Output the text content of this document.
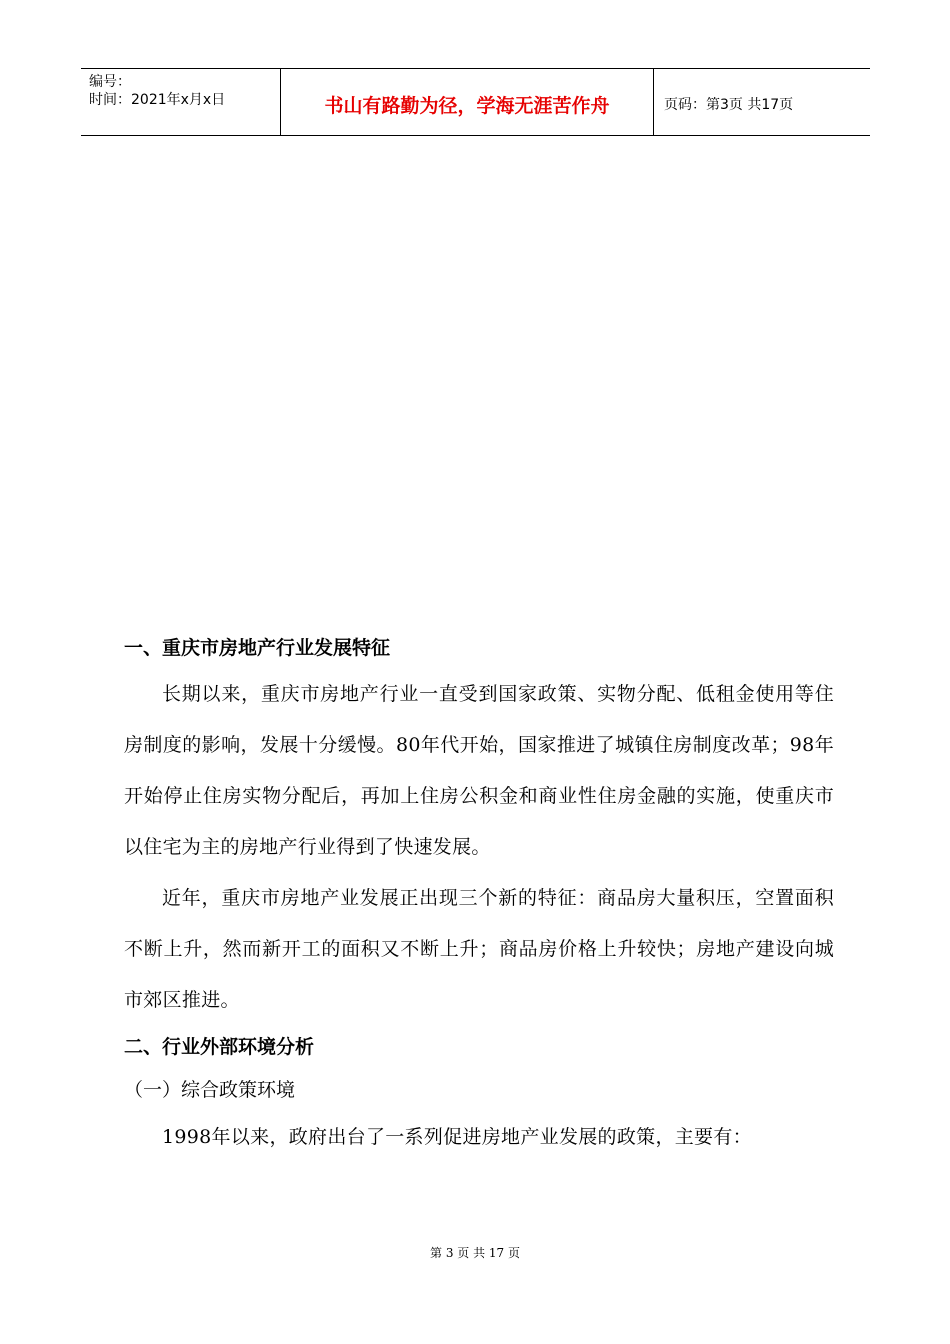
编号：
时间：2021年x月x日	书山有路勤为径，学海无涯苦作舟	页码：第3页 共17页
一、重庆市房地产行业发展特征

长期以来，重庆市房地产行业一直受到国家政策、实物分配、低租金使用等住房制度的影响，发展十分缓慢。80年代开始，国家推进了城镇住房制度改革；98年开始停止住房实物分配后，再加上住房公积金和商业性住房金融的实施，使重庆市以住宅为主的房地产行业得到了快速发展。

近年，重庆市房地产业发展正出现三个新的特征：商品房大量积压，空置面积不断上升，然而新开工的面积又不断上升；商品房价格上升较快；房地产建设向城市郊区推进。

二、行业外部环境分析

（一）综合政策环境

1998年以来，政府出台了一系列促进房地产业发展的政策，主要有：

第 3 页 共 17 页
